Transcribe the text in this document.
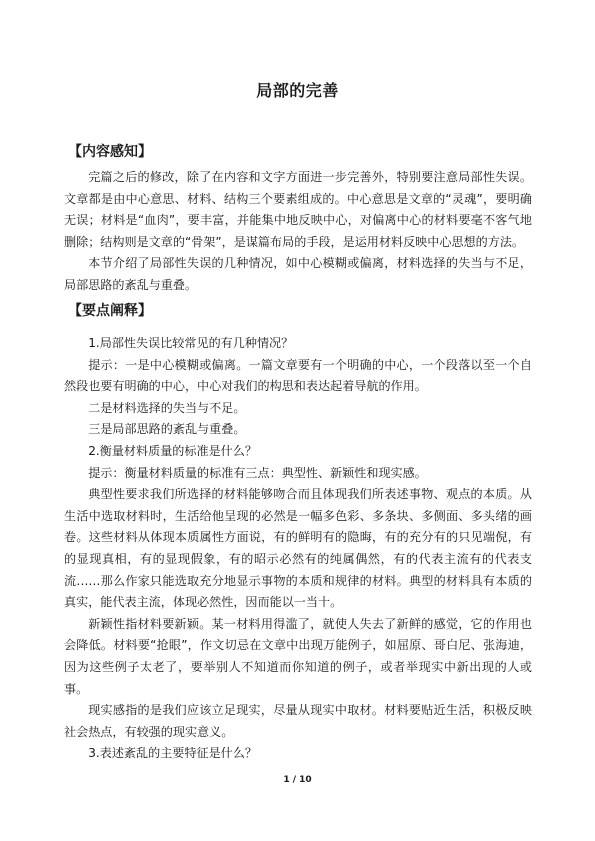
局部的完善
【内容感知】

完篇之后的修改，除了在内容和文字方面进一步完善外，特别要注意局部性失误。文章都是由中心意思、材料、结构三个要素组成的。中心意思是文章的“灵魂”，要明确无误；材料是“血肉”，要丰富，并能集中地反映中心，对偏离中心的材料要毫不客气地删除；结构则是文章的“骨架”，是谋篇布局的手段，是运用材料反映中心思想的方法。

本节介绍了局部性失误的几种情况，如中心模糊或偏离，材料选择的失当与不足，局部思路的紊乱与重叠。

【要点阐释】

1.局部性失误比较常见的有几种情况？

提示：一是中心模糊或偏离。一篇文章要有一个明确的中心，一个段落以至一个自然段也要有明确的中心，中心对我们的构思和表达起着导航的作用。

二是材料选择的失当与不足。

三是局部思路的紊乱与重叠。

2.衡量材料质量的标准是什么？

提示：衡量材料质量的标准有三点：典型性、新颖性和现实感。

典型性要求我们所选择的材料能够吻合而且体现我们所表述事物、观点的本质。从生活中选取材料时，生活给他呈现的必然是一幅多色彩、多条块、多侧面、多头绪的画卷。这些材料从体现本质属性方面说，有的鲜明有的隐晦，有的充分有的只见端倪，有的显现真相，有的显现假象，有的昭示必然有的纯属偶然，有的代表主流有的代表支流……那么作家只能选取充分地显示事物的本质和规律的材料。典型的材料具有本质的真实，能代表主流，体现必然性，因而能以一当十。

新颖性指材料要新颖。某一材料用得滥了，就使人失去了新鲜的感觉，它的作用也会降低。材料要“抢眼”，作文切忌在文章中出现万能例子，如屈原、哥白尼、张海迪，因为这些例子太老了，要举别人不知道而你知道的例子，或者举现实中新出现的人或事。

现实感指的是我们应该立足现实，尽量从现实中取材。材料要贴近生活，积极反映社会热点，有较强的现实意义。

3.表述紊乱的主要特征是什么？

1 / 10
